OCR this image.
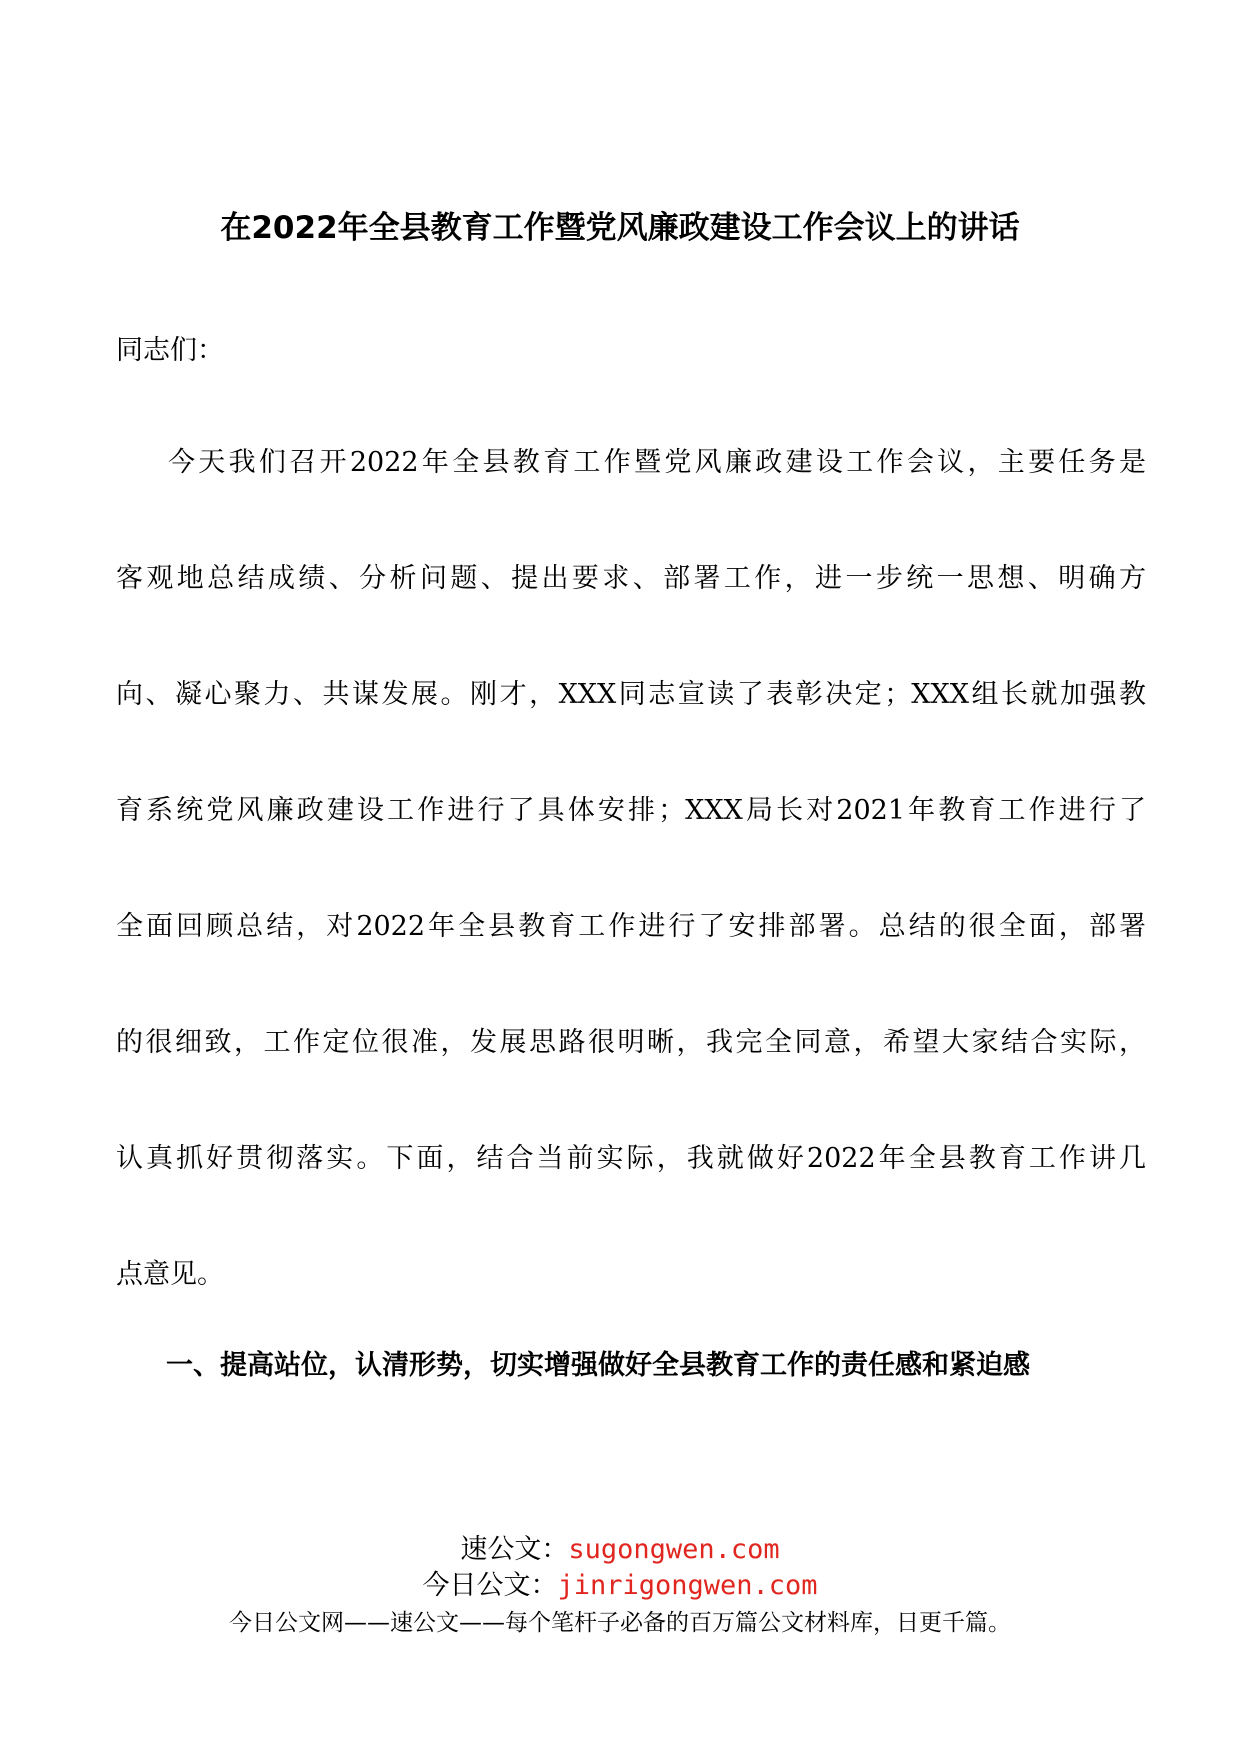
在2022年全县教育工作暨党风廉政建设工作会议上的讲话

同志们：

今天我们召开2022年全县教育工作暨党风廉政建设工作会议，主要任务是

客观地总结成绩、分析问题、提出要求、部署工作，进一步统一思想、明确方

向、凝心聚力、共谋发展。刚才，XXX同志宣读了表彰决定；XXX组长就加强教

育系统党风廉政建设工作进行了具体安排；XXX局长对2021年教育工作进行了

全面回顾总结，对2022年全县教育工作进行了安排部署。总结的很全面，部署

的很细致，工作定位很准，发展思路很明晰，我完全同意，希望大家结合实际，

认真抓好贯彻落实。下面，结合当前实际，我就做好2022年全县教育工作讲几

点意见。

一、提高站位，认清形势，切实增强做好全县教育工作的责任感和紧迫感

速公文：sugongwen.com

今日公文：jinrigongwen.com

今日公文网——速公文——每个笔杆子必备的百万篇公文材料库，日更千篇。
